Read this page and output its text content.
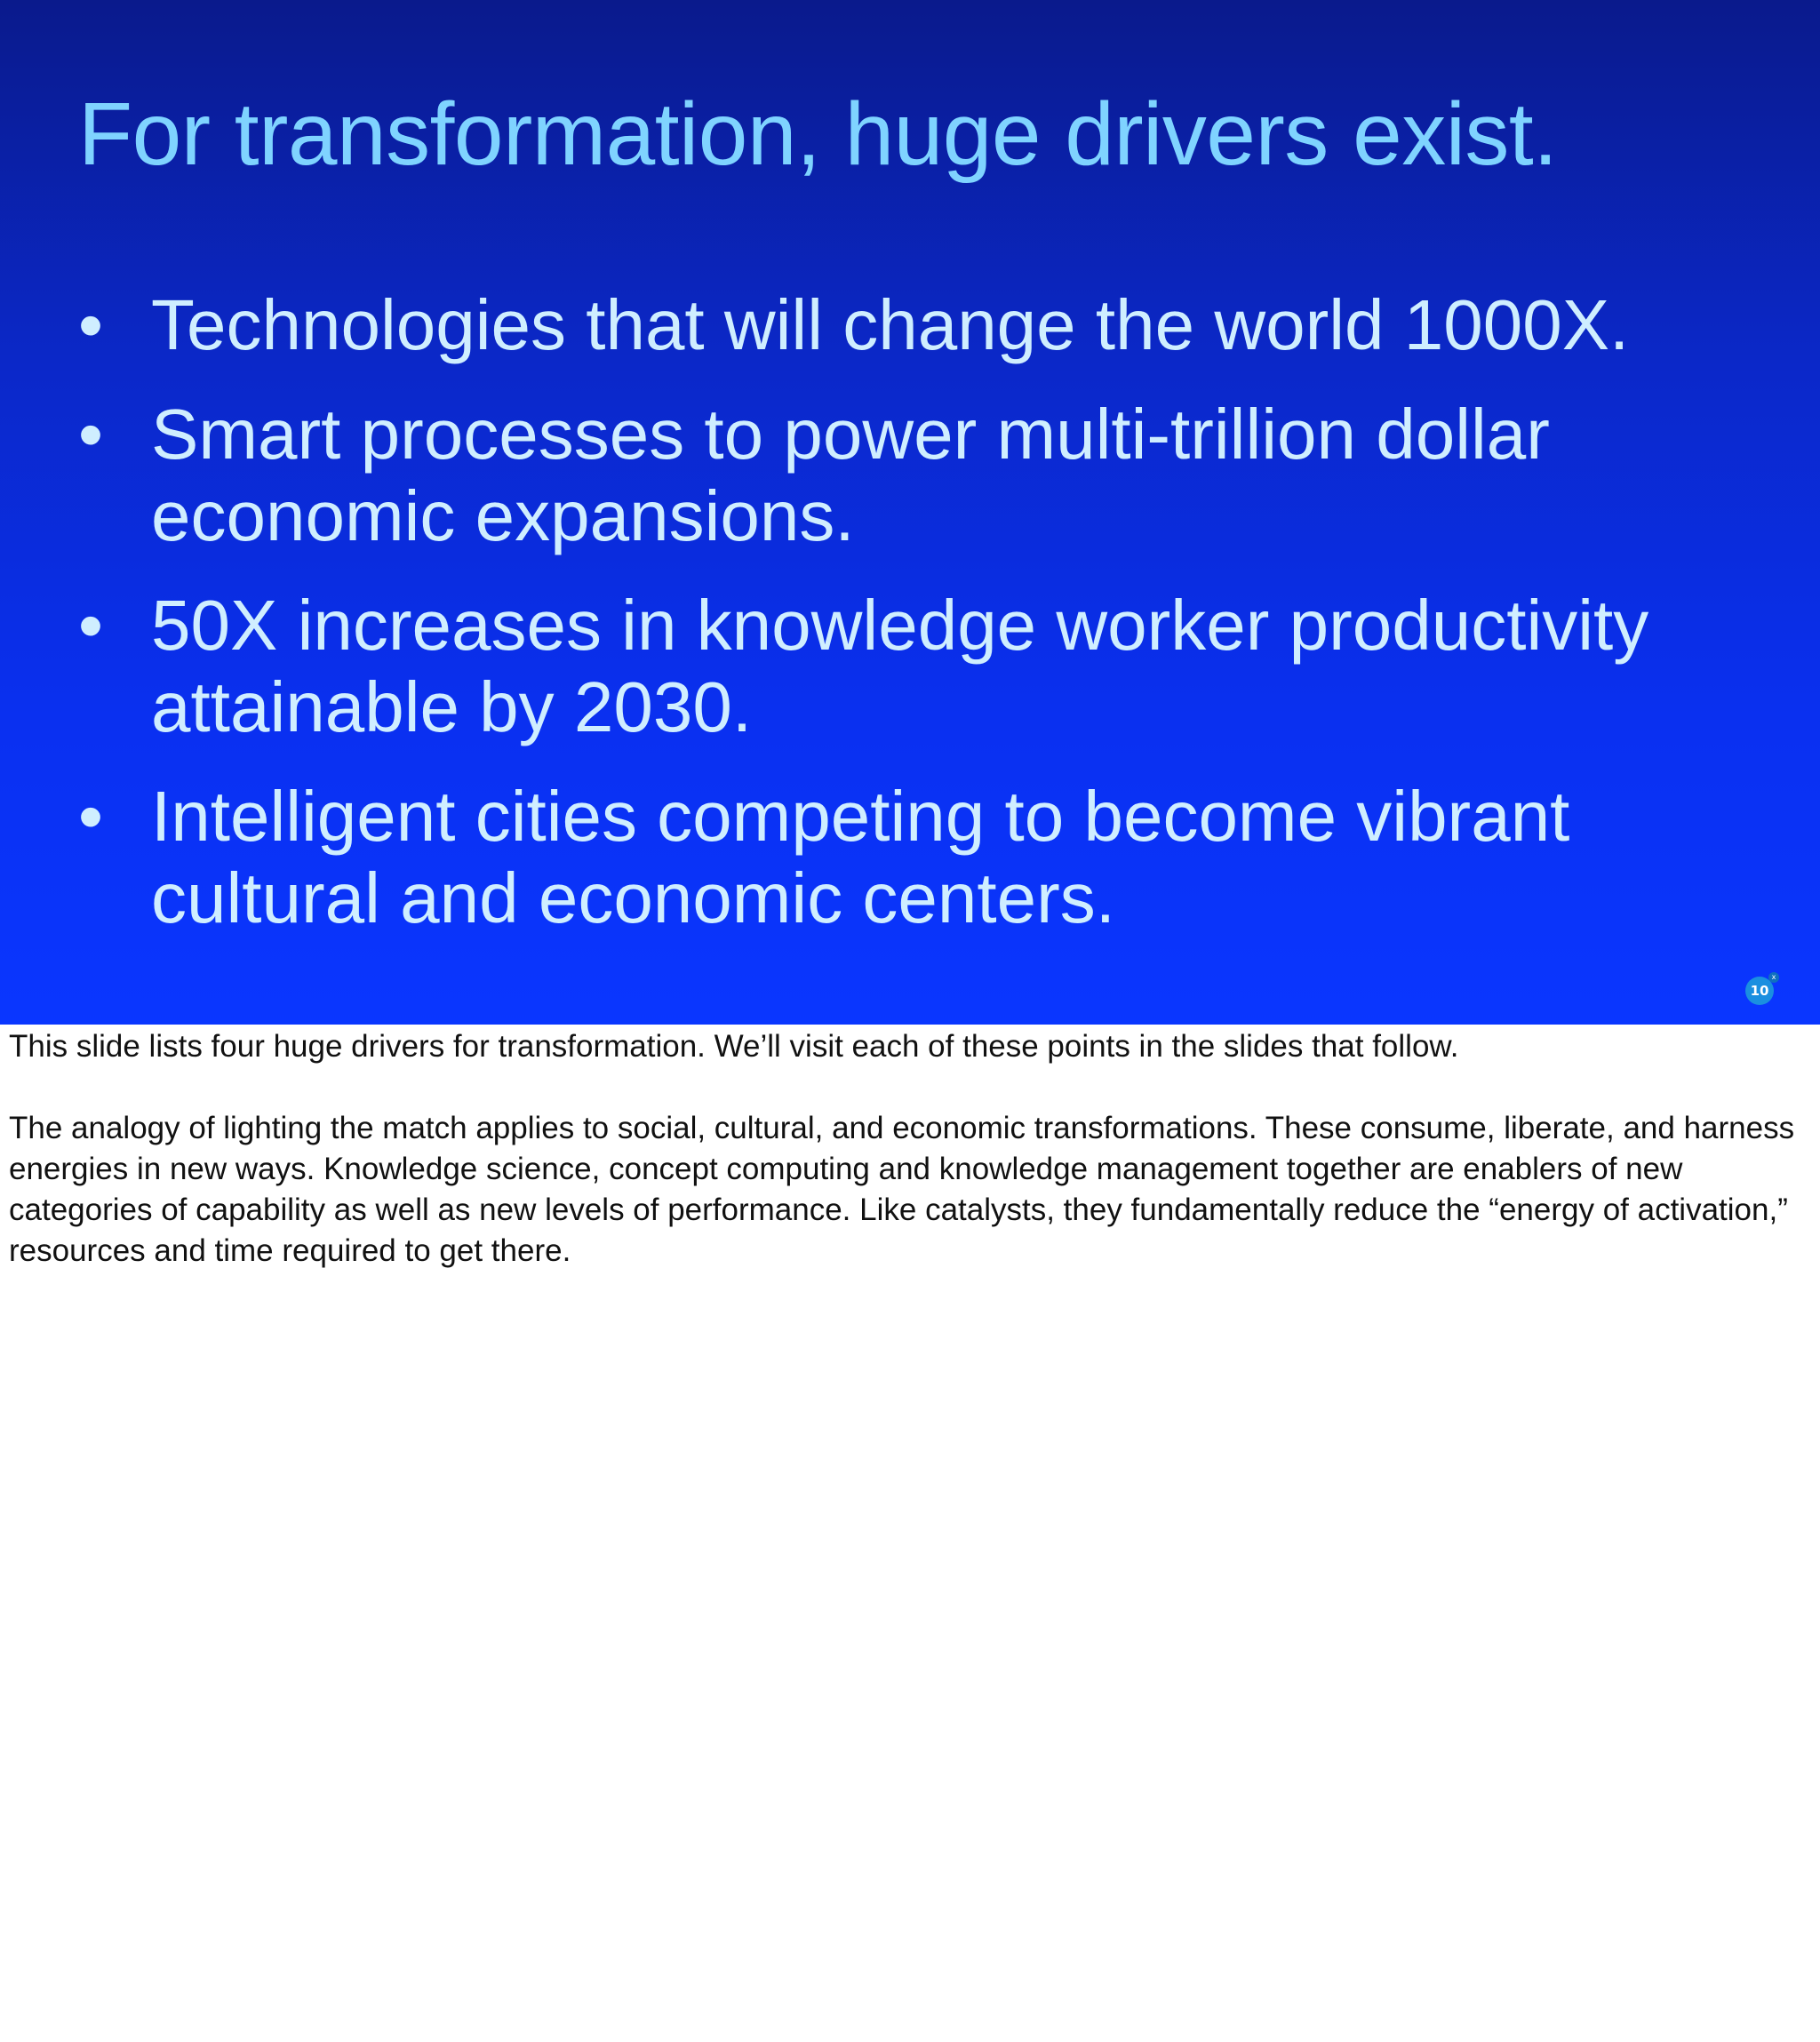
For transformation, huge drivers exist.
• Technologies that will change the world 1000X.
• Smart processes to power multi-trillion dollar economic expansions.
• 50X increases in knowledge worker productivity attainable by 2030.
• Intelligent cities competing to become vibrant cultural and economic centers.
10
x

This slide lists four huge drivers for transformation. We’ll visit each of these points in the slides that follow.

The analogy of lighting the match applies to social, cultural, and economic transformations. These consume, liberate, and harness energies in new ways. Knowledge science, concept computing and knowledge management together are enablers of new categories of capability as well as new levels of performance. Like catalysts, they fundamentally reduce the “energy of activation,” resources and time required to get there.
